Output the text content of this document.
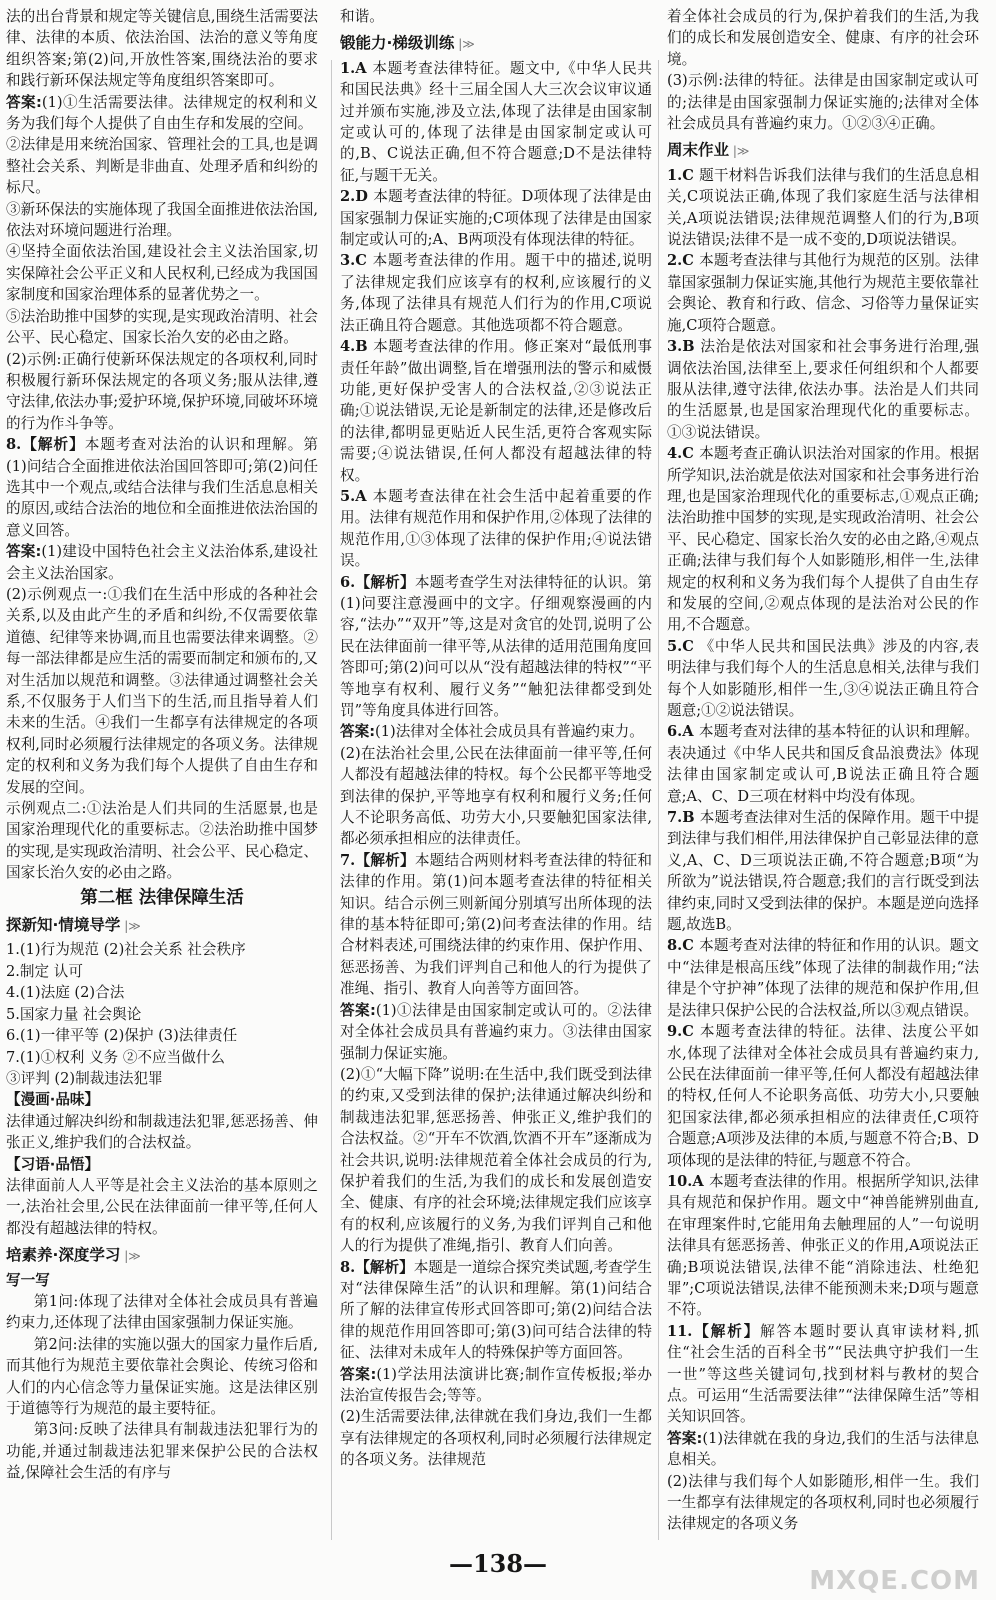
法的出台背景和规定等关键信息,围绕生活需要法律、法律的本质、依法治国、法治的意义等角度组织答案;第(2)问,开放性答案,围绕法治的要求和践行新环保法规定等角度组织答案即可。

答案:(1)①生活需要法律。法律规定的权利和义务为我们每个人提供了自由生存和发展的空间。

②法律是用来统治国家、管理社会的工具,也是调整社会关系、判断是非曲直、处理矛盾和纠纷的标尺。

③新环保法的实施体现了我国全面推进依法治国,依法对环境问题进行治理。

④坚持全面依法治国,建设社会主义法治国家,切实保障社会公平正义和人民权利,已经成为我国国家制度和国家治理体系的显著优势之一。

⑤法治助推中国梦的实现,是实现政治清明、社会公平、民心稳定、国家长治久安的必由之路。

(2)示例:正确行使新环保法规定的各项权利,同时积极履行新环保法规定的各项义务;服从法律,遵守法律,依法办事;爱护环境,保护环境,同破坏环境的行为作斗争等。

8.【解析】本题考查对法治的认识和理解。第(1)问结合全面推进依法治国回答即可;第(2)问任选其中一个观点,或结合法律与我们生活息息相关的原因,或结合法治的地位和全面推进依法治国的意义回答。

答案:(1)建设中国特色社会主义法治体系,建设社会主义法治国家。

(2)示例观点一:①我们在生活中形成的各种社会关系,以及由此产生的矛盾和纠纷,不仅需要依靠道德、纪律等来协调,而且也需要法律来调整。②每一部法律都是应生活的需要而制定和颁布的,又对生活加以规范和调整。③法律通过调整社会关系,不仅服务于人们当下的生活,而且指导着人们未来的生活。④我们一生都享有法律规定的各项权利,同时必须履行法律规定的各项义务。法律规定的权利和义务为我们每个人提供了自由生存和发展的空间。

示例观点二:①法治是人们共同的生活愿景,也是国家治理现代化的重要标志。②法治助推中国梦的实现,是实现政治清明、社会公平、民心稳定、国家长治久安的必由之路。

第二框 法律保障生活
探新知·情境导学 |≫

1.(1)行为规范 (2)社会关系 社会秩序

2.制定 认可

4.(1)法庭 (2)合法

5.国家力量 社会舆论

6.(1)一律平等 (2)保护 (3)法律责任

7.(1)①权利 义务 ②不应当做什么

③评判 (2)制裁违法犯罪

【漫画·品味】

法律通过解决纠纷和制裁违法犯罪,惩恶扬善、伸张正义,维护我们的合法权益。

【习语·品悟】

法律面前人人平等是社会主义法治的基本原则之一,法治社会里,公民在法律面前一律平等,任何人都没有超越法律的特权。

培素养·深度学习 |≫

写一写

第1问:体现了法律对全体社会成员具有普遍约束力,还体现了法律由国家强制力保证实施。

第2问:法律的实施以强大的国家力量作后盾,而其他行为规范主要依靠社会舆论、传统习俗和人们的内心信念等力量保证实施。这是法律区别于道德等行为规范的最主要特征。

第3问:反映了法律具有制裁违法犯罪行为的功能,并通过制裁违法犯罪来保护公民的合法权益,保障社会生活的有序与

和谐。

锻能力·梯级训练 |≫

1.A 本题考查法律特征。题文中,《中华人民共和国民法典》经十三届全国人大三次会议审议通过并颁布实施,涉及立法,体现了法律是由国家制定或认可的,体现了法律是由国家制定或认可的,B、C说法正确,但不符合题意;D不是法律特征,与题干无关。

2.D 本题考查法律的特征。D项体现了法律是由国家强制力保证实施的;C项体现了法律是由国家制定或认可的;A、B两项没有体现法律的特征。

3.C 本题考查法律的作用。题干中的描述,说明了法律规定我们应该享有的权利,应该履行的义务,体现了法律具有规范人们行为的作用,C项说法正确且符合题意。其他选项都不符合题意。

4.B 本题考查法律的作用。修正案对“最低刑事责任年龄”做出调整,旨在增强刑法的警示和威慑功能,更好保护受害人的合法权益,②③说法正确;①说法错误,无论是新制定的法律,还是修改后的法律,都明显更贴近人民生活,更符合客观实际需要;④说法错误,任何人都没有超越法律的特权。

5.A 本题考查法律在社会生活中起着重要的作用。法律有规范作用和保护作用,②体现了法律的规范作用,①③体现了法律的保护作用;④说法错误。

6.【解析】本题考查学生对法律特征的认识。第(1)问要注意漫画中的文字。仔细观察漫画的内容,“法办”“双开”等,这是对贪官的处罚,说明了公民在法律面前一律平等,从法律的适用范围角度回答即可;第(2)问可以从“没有超越法律的特权”“平等地享有权利、履行义务”“触犯法律都受到处罚”等角度具体进行回答。

答案:(1)法律对全体社会成员具有普遍约束力。

(2)在法治社会里,公民在法律面前一律平等,任何人都没有超越法律的特权。每个公民都平等地受到法律的保护,平等地享有权利和履行义务;任何人不论职务高低、功劳大小,只要触犯国家法律,都必须承担相应的法律责任。

7.【解析】本题结合两则材料考查法律的特征和法律的作用。第(1)问本题考查法律的特征相关知识。结合示例三则新闻分别填写出所体现的法律的基本特征即可;第(2)问考查法律的作用。结合材料表述,可围绕法律的约束作用、保护作用、惩恶扬善、为我们评判自己和他人的行为提供了准绳、指引、教育人向善等方面回答。

答案:(1)①法律是由国家制定或认可的。②法律对全体社会成员具有普遍约束力。③法律由国家强制力保证实施。

(2)①“大幅下降”说明:在生活中,我们既受到法律的约束,又受到法律的保护;法律通过解决纠纷和制裁违法犯罪,惩恶扬善、伸张正义,维护我们的合法权益。②“开车不饮酒,饮酒不开车”逐渐成为社会共识,说明:法律规范着全体社会成员的行为,保护着我们的生活,为我们的成长和发展创造安全、健康、有序的社会环境;法律规定我们应该享有的权利,应该履行的义务,为我们评判自己和他人的行为提供了准绳,指引、教育人们向善。

8.【解析】本题是一道综合探究类试题,考查学生对“法律保障生活”的认识和理解。第(1)问结合所了解的法律宣传形式回答即可;第(2)问结合法律的规范作用回答即可;第(3)问可结合法律的特征、法律对未成年人的特殊保护等方面回答。

答案:(1)学法用法演讲比赛;制作宣传板报;举办法治宣传报告会;等等。

(2)生活需要法律,法律就在我们身边,我们一生都享有法律规定的各项权利,同时必须履行法律规定的各项义务。法律规范

着全体社会成员的行为,保护着我们的生活,为我们的成长和发展创造安全、健康、有序的社会环境。

(3)示例:法律的特征。法律是由国家制定或认可的;法律是由国家强制力保证实施的;法律对全体社会成员具有普遍约束力。①②③④正确。

周末作业 |≫

1.C 题干材料告诉我们法律与我们的生活息息相关,C项说法正确,体现了我们家庭生活与法律相关,A项说法错误;法律规范调整人们的行为,B项说法错误;法律不是一成不变的,D项说法错误。

2.C 本题考查法律与其他行为规范的区别。法律靠国家强制力保证实施,其他行为规范主要依靠社会舆论、教育和行政、信念、习俗等力量保证实施,C项符合题意。

3.B 法治是依法对国家和社会事务进行治理,强调依法治国,法律至上,要求任何组织和个人都要服从法律,遵守法律,依法办事。法治是人们共同的生活愿景,也是国家治理现代化的重要标志。①③说法错误。

4.C 本题考查正确认识法治对国家的作用。根据所学知识,法治就是依法对国家和社会事务进行治理,也是国家治理现代化的重要标志,①观点正确;法治助推中国梦的实现,是实现政治清明、社会公平、民心稳定、国家长治久安的必由之路,④观点正确;法律与我们每个人如影随形,相伴一生,法律规定的权利和义务为我们每个人提供了自由生存和发展的空间,②观点体现的是法治对公民的作用,不合题意。

5.C 《中华人民共和国民法典》涉及的内容,表明法律与我们每个人的生活息息相关,法律与我们每个人如影随形,相伴一生,③④说法正确且符合题意;①②说法错误。

6.A 本题考查对法律的基本特征的认识和理解。表决通过《中华人民共和国反食品浪费法》体现法律由国家制定或认可,B说法正确且符合题意;A、C、D三项在材料中均没有体现。

7.B 本题考查法律对生活的保障作用。题干中提到法律与我们相伴,用法律保护自己彰显法律的意义,A、C、D三项说法正确,不符合题意;B项“为所欲为”说法错误,符合题意;我们的言行既受到法律约束,同时又受到法律的保护。本题是逆向选择题,故选B。

8.C 本题考查对法律的特征和作用的认识。题文中“法律是根高压线”体现了法律的制裁作用;“法律是个守护神”体现了法律的规范和保护作用,但是法律只保护公民的合法权益,所以③观点错误。

9.C 本题考查法律的特征。法律、法度公平如水,体现了法律对全体社会成员具有普遍约束力,公民在法律面前一律平等,任何人都没有超越法律的特权,任何人不论职务高低、功劳大小,只要触犯国家法律,都必须承担相应的法律责任,C项符合题意;A项涉及法律的本质,与题意不符合;B、D项体现的是法律的特征,与题意不符合。

10.A 本题考查法律的作用。根据所学知识,法律具有规范和保护作用。题文中“神兽能辨别曲直,在审理案件时,它能用角去触理屈的人”一句说明法律具有惩恶扬善、伸张正义的作用,A项说法正确;B项说法错误,法律不能“消除违法、杜绝犯罪”;C项说法错误,法律不能预测未来;D项与题意不符。

11.【解析】解答本题时要认真审读材料,抓住“社会生活的百科全书”“民法典守护我们一生一世”等这些关键词句,找到材料与教材的契合点。可运用“生活需要法律”“法律保障生活”等相关知识回答。

答案:(1)法律就在我的身边,我们的生活与法律息息相关。

(2)法律与我们每个人如影随形,相伴一生。我们一生都享有法律规定的各项权利,同时也必须履行法律规定的各项义务

—138—
MXQE.COM
